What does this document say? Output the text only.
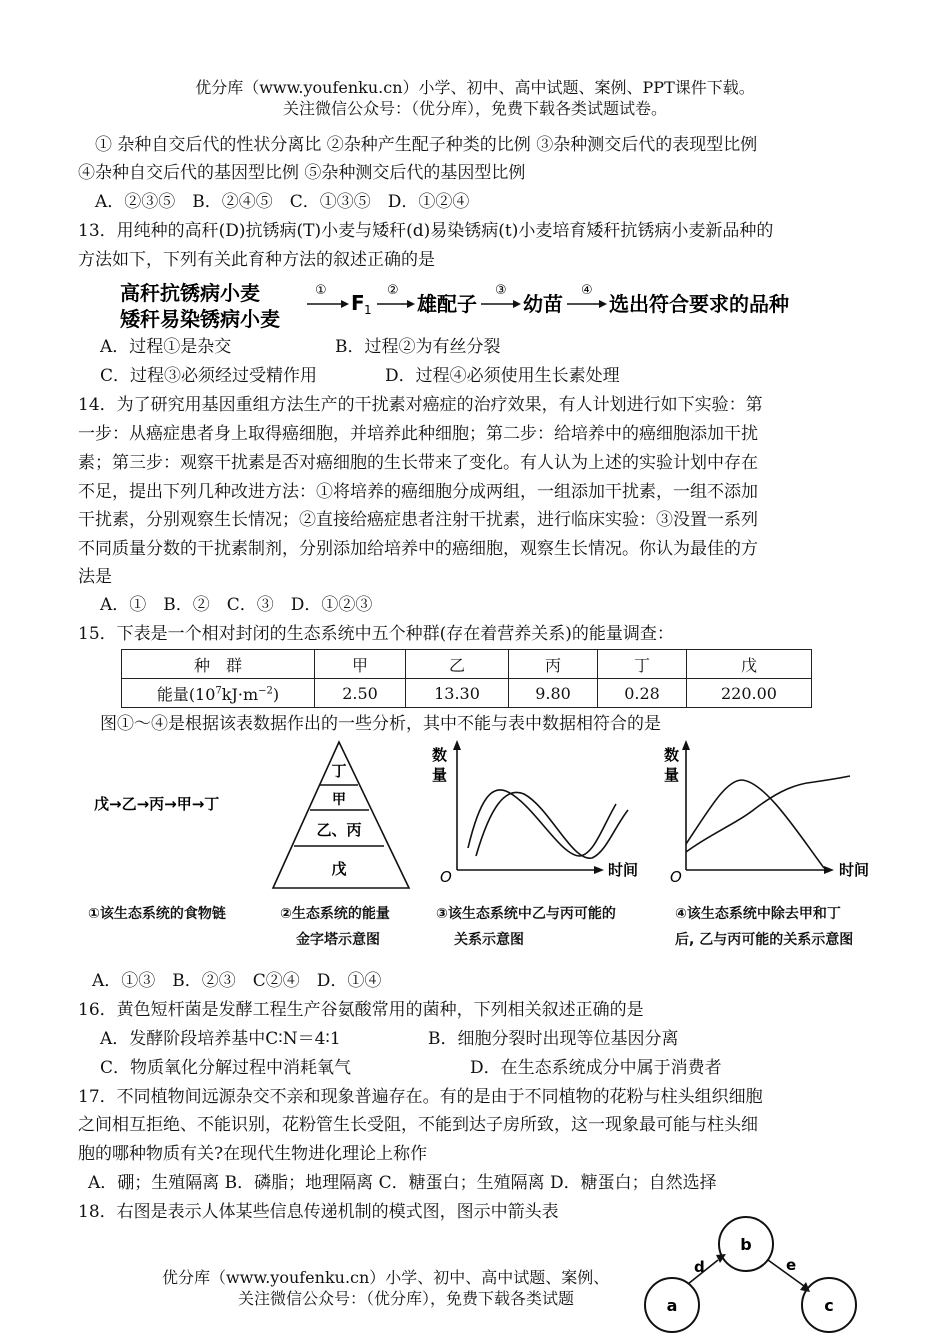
优分库（www.youfenku.cn）小学、初中、高中试题、案例、PPT课件下载。
关注微信公众号：（优分库），免费下载各类试题试卷。
① 杂种自交后代的性状分离比 ②杂种产生配子种类的比例 ③杂种测交后代的表现型比例
④杂种自交后代的基因型比例 ⑤杂种测交后代的基因型比例
A．②③⑤　B．②④⑤　C．①③⑤　D．①②④
13．用纯种的高秆(D)抗锈病(T)小麦与矮秆(d)易染锈病(t)小麦培育矮秆抗锈病小麦新品种的
方法如下，下列有关此育种方法的叙述正确的是
高秆抗锈病小麦
矮秆易染锈病小麦
①
F 1
②
雄配子
③
幼苗
④
选出符合要求的品种
A．过程①是杂交	B．过程②为有丝分裂
C．过程③必须经过受精作用	D．过程④必须使用生长素处理
14．为了研究用基因重组方法生产的干扰素对癌症的治疗效果，有人计划进行如下实验：第
一步：从癌症患者身上取得癌细胞，并培养此种细胞；第二步：给培养中的癌细胞添加干扰
素；第三步：观察干扰素是否对癌细胞的生长带来了变化。有人认为上述的实验计划中存在
不足，提出下列几种改进方法：①将培养的癌细胞分成两组，一组添加干扰素，一组不添加
干扰素，分别观察生长情况；②直接给癌症患者注射干扰素，进行临床实验：③没置一系列
不同质量分数的干扰素制剂，分别添加给培养中的癌细胞，观察生长情况。你认为最佳的方
法是
A．①　B．②　C．③　D．①②③
15．下表是一个相对封闭的生态系统中五个种群(存在着营养关系)的能量调查：
种　群	甲	乙	丙	丁	戊
能量$(10^7kJ\cdot m^{-2})$	2.50	13.30	9.80	0.28	220.00
图①～④是根据该表数据作出的一些分析，其中不能与表中数据相符合的是
戊→乙→丙→甲→丁
丁
甲
乙、丙
戊
数
量
时间
O
数
量
时间
O
①该生态系统的食物链	②生态系统的能量
金字塔示意图
③该生态系统中乙与丙可能的
关系示意图
④该生态系统中除去甲和丁
后, 乙与丙可能的关系示意图
A．①③　B．②③　C②④　D．①④
16．黄色短杆菌是发酵工程生产谷氨酸常用的菌种，下列相关叙述正确的是
A．发酵阶段培养基中C∶N＝4∶1	B．细胞分裂时出现等位基因分离
C．物质氧化分解过程中消耗氧气	D．在生态系统成分中属于消费者
17．不同植物间远源杂交不亲和现象普遍存在。有的是由于不同植物的花粉与柱头组织细胞
之间相互拒绝、不能识别，花粉管生长受阻，不能到达子房所致，这一现象最可能与柱头细
胞的哪种物质有关?在现代生物进化理论上称作
A．硼；生殖隔离 B．磷脂；地理隔离 C．糖蛋白；生殖隔离 D．糖蛋白；自然选择
18．右图是表示人体某些信息传递机制的模式图，图示中箭头表
b
a	c
d	e
优分库（www.youfenku.cn）小学、初中、高中试题、案例、
关注微信公众号：（优分库），免费下载各类试题
